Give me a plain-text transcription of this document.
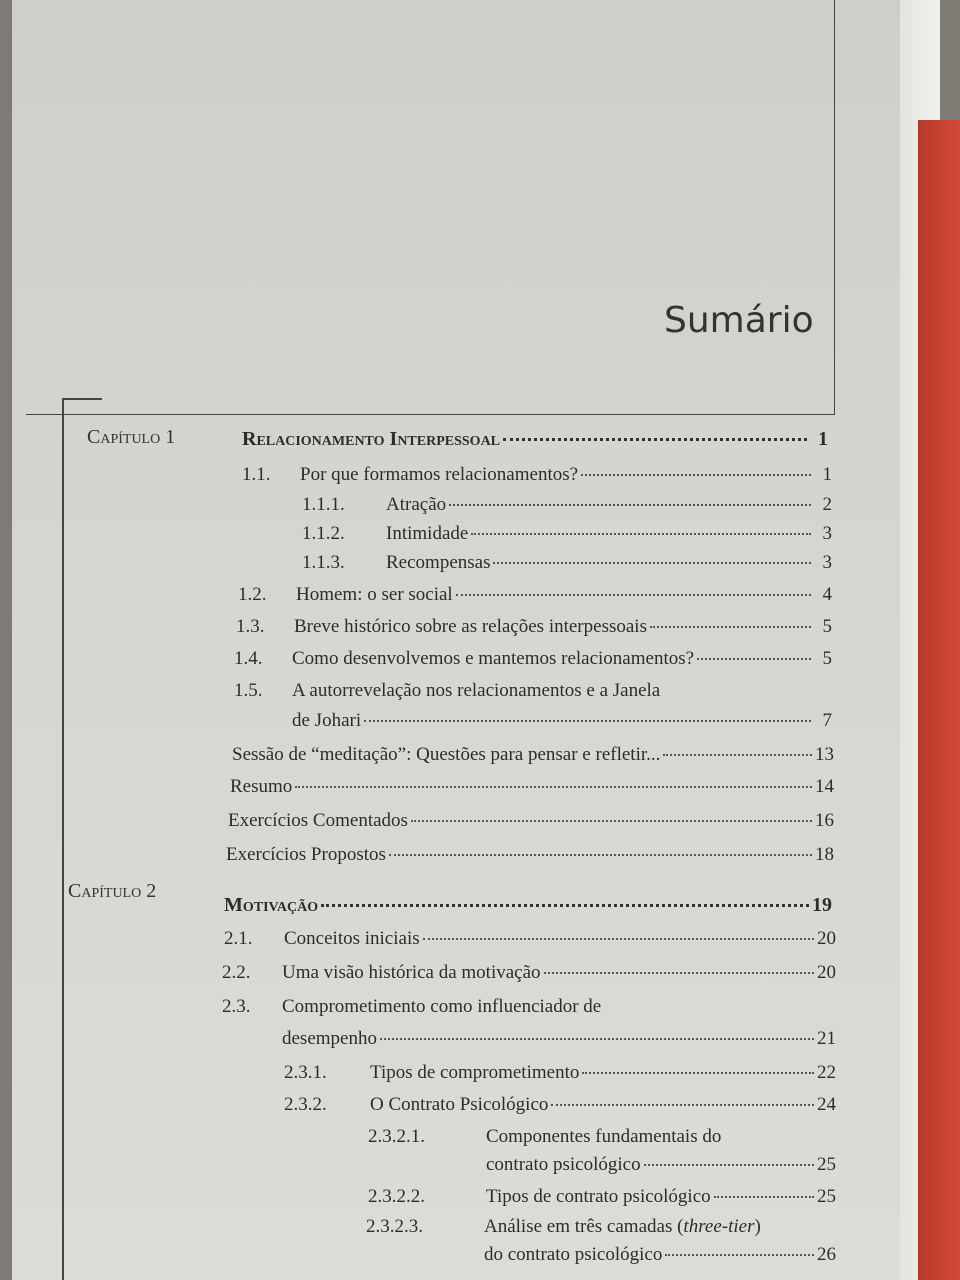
Sumário
Capítulo 1	Relacionamento Interpessoal	1
1.1.	Por que formamos relacionamentos?	1
1.1.1.	Atração	2
1.1.2.	Intimidade	3
1.1.3.	Recompensas	3
1.2.	Homem: o ser social	4
1.3.	Breve histórico sobre as relações interpessoais	5
1.4.	Como desenvolvemos e mantemos relacionamentos?	5
1.5. A autorrevelação nos relacionamentos e a Janela
de Johari	7
Sessão de “meditação”: Questões para pensar e refletir...	13
Resumo	14
Exercícios Comentados	16
Exercícios Propostos	18
Capítulo 2
Motivação	19
2.1.	Conceitos iniciais	20
2.2.	Uma visão histórica da motivação	20
2.3. Comprometimento como influenciador de
desempenho	21
2.3.1.	Tipos de comprometimento	22
2.3.2.	O Contrato Psicológico	24
2.3.2.1.	Componentes fundamentais do
contrato psicológico	25
2.3.2.2.	Tipos de contrato psicológico	25
2.3.2.3.	Análise em três camadas (three-tier)
do contrato psicológico	26
